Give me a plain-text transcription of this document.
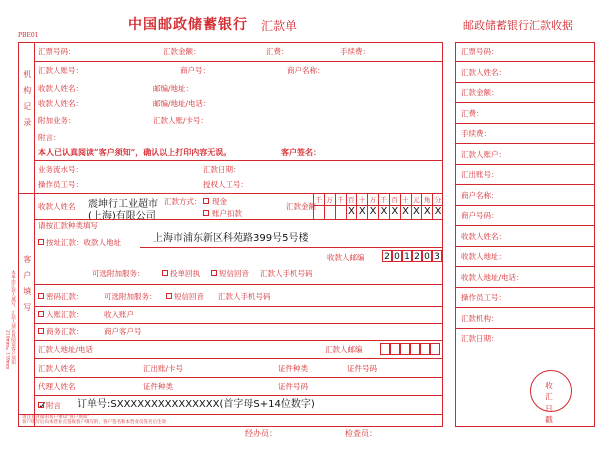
中国邮政储蓄银行 汇款单	邮政储蓄银行汇款收据
PBE01
机构记录
客户填写
本单由汇款人填写，汇款人须认真阅读客户须知
210mm×139mm
汇票号码：	汇款金额：	汇费：	手续费：
汇款人账号：	商户号：	商户名称：
收款人姓名：	邮编/地址：
收款人姓名：	邮编/地址/电话：
附加业务：	汇款人账/卡号：
附言：
本人已认真阅读“客户须知”，确认以上打印内容无误。	客户签名：
业务流水号：	汇款日期：
操作员工号：	授权人工号：
收款人姓名 震坤行工业超市
(上海)有限公司
汇款方式： 现金
账户扣款
汇款金额
千 万 千 百 十 万 千 百 十 元 角 分
X X X X X X X X X
请按汇款种类填写
按址汇款：收款人地址	上海市浦东新区科苑路399号5号楼
收款人邮编 2 0 1 2 0 3
可选附加服务：	投单回执	短信回音 汇款人手机号码
密码汇款：	可选附加服务： 短信回音 汇款人手机号码
入账汇款：	收入账户
商务汇款：	商户客户号
汇款人地址/电话	汇款人邮编
汇款人姓名	汇出账/卡号	证件种类	证件号码
代理人姓名	证件种类	证件号码
✓
附言 订单号:SXXXXXXXXXXXXXXX(首字母S+14位数字)
请注意背面的客户须知“客户须知”
客户填写后向本营业点签收客户填写的，客户签名和本营业员签名后生效
经办员：	检查员：
汇票号码：
汇款人姓名：
汇款金额：
汇费：
手续费：
汇款人账户：
汇出账号：
商户名称：
商户号码：
收款人姓名：
收款人地址：
收款人地址/电话：
操作员工号：
汇款机构：
汇款日期：
收汇日戳
